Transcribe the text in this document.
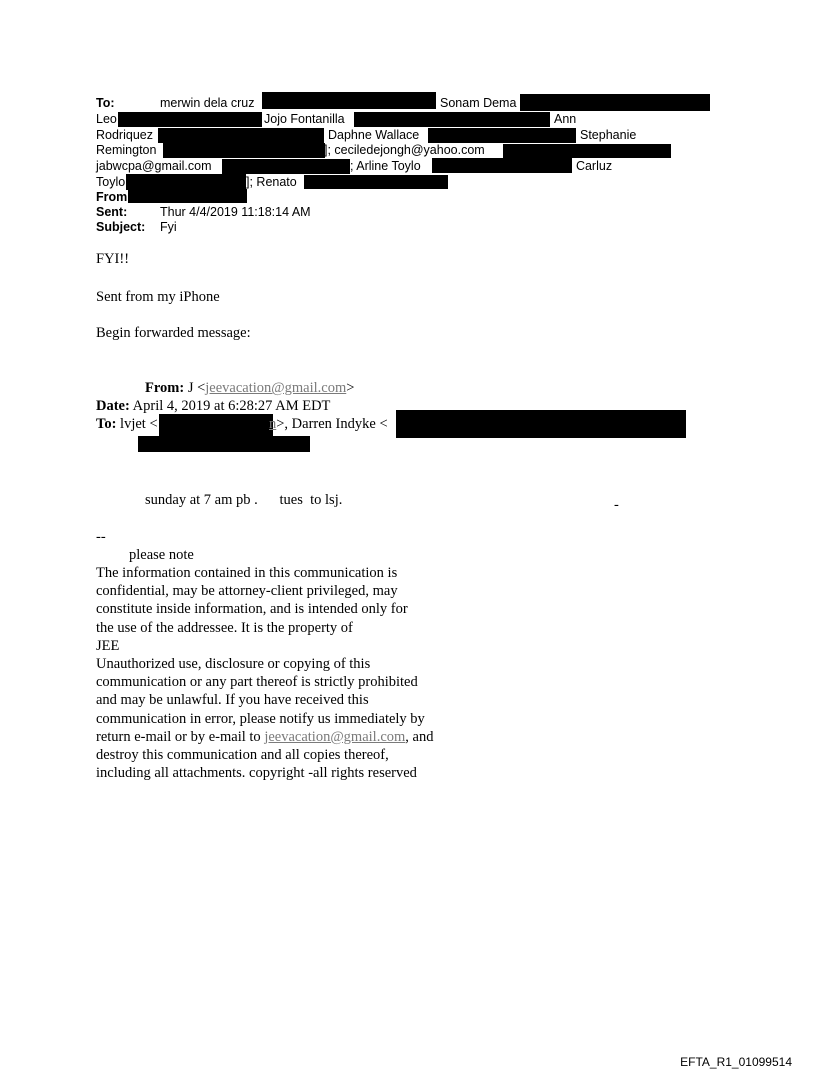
To:	merwin dela cruz	Sonam Dema
Leo	Jojo Fontanilla	Ann
Rodriquez	Daphne Wallace	Stephanie
Remington	]; ceciledejongh@yahoo.com
jabwcpa@gmail.com	; Arline Toylo	; Carluz
Toylo	]; Renato
From
Sent:	Thur 4/4/2019 11:18:14 AM
Subject: Fyi
FYI!!
Sent from my iPhone
Begin forwarded message:
From: J <jeevacation@gmail.com>
Date: April 4, 2019 at 6:28:27 AM EDT
To: lvjet <	n>, Darren Indyke <
sunday at 7 am pb .      tues  to lsj.	-
--
please note
The information contained in this communication is
confidential, may be attorney-client privileged, may
constitute inside information, and is intended only for
the use of the addressee. It is the property of
JEE
Unauthorized use, disclosure or copying of this
communication or any part thereof is strictly prohibited
and may be unlawful. If you have received this
communication in error, please notify us immediately by
return e-mail or by e-mail to jeevacation@gmail.com, and
destroy this communication and all copies thereof,
including all attachments. copyright -all rights reserved
EFTA_R1_01099514
